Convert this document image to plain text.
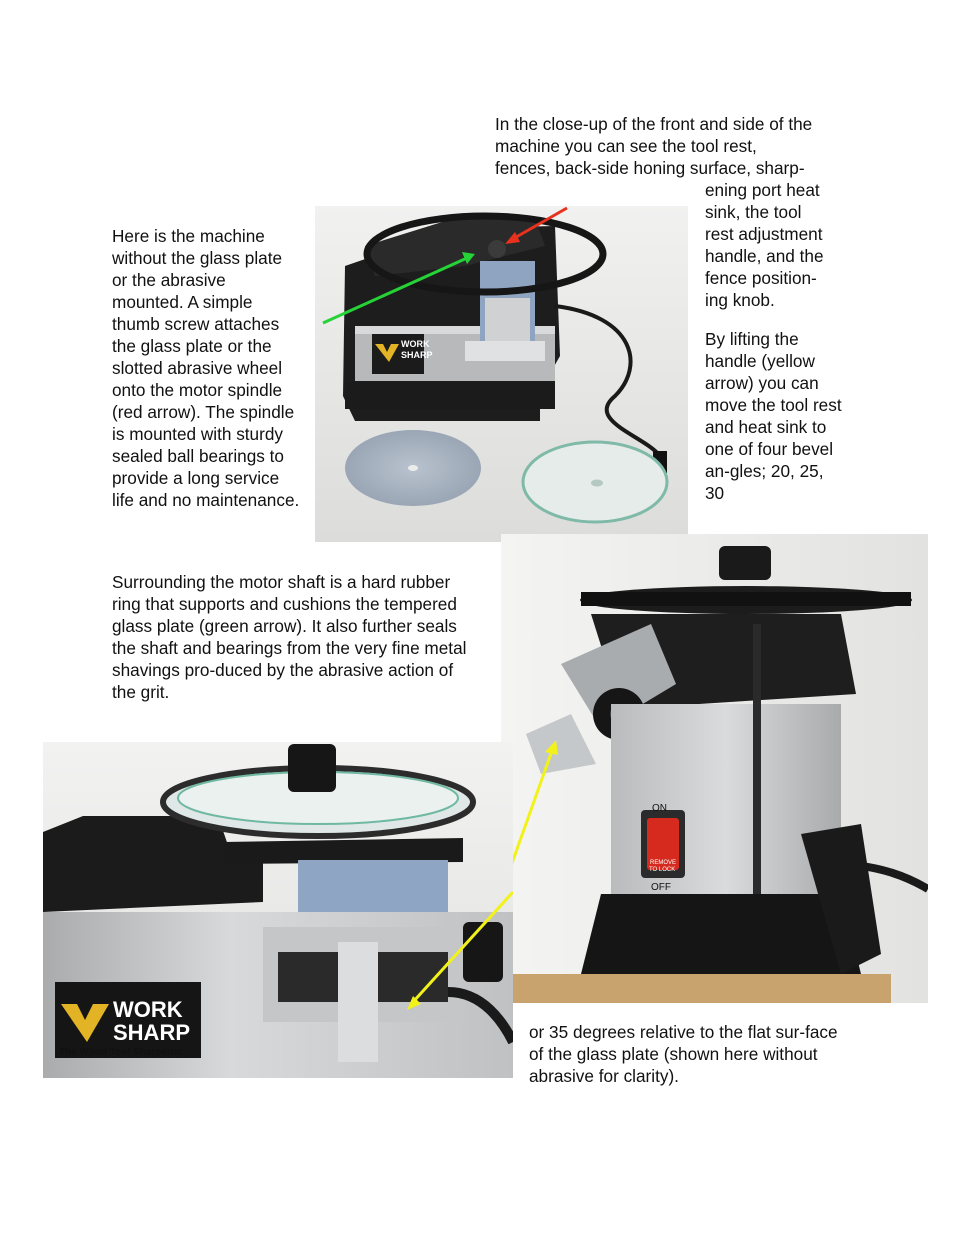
Here is the machine without the glass plate or the abrasive mounted. A simple thumb screw attaches the glass plate or the slotted abrasive wheel onto the motor spindle (red arrow). The spindle is mounted with sturdy sealed ball bearings to provide a long service life and no maintenance.

In the close-up of the front and side of the
machine you can see the tool rest,
fences, back-side honing surface, sharp-
ening port heat
sink, the tool
rest adjustment
handle, and the
fence position-
ing knob.

By lifting the handle (yellow arrow) you can move the tool rest and heat sink to one of four bevel an-gles; 20, 25, 30

Surrounding the motor shaft is a hard rubber ring that supports and cushions the tempered glass plate (green arrow). It also further seals the shaft and bearings from the very fine metal shavings pro-duced by the abrasive action of the grit.

or 35 degrees relative to the flat sur-face of the glass plate (shown here without abrasive for clarity).

WORK
SHARP
ON
OFF
REMOVE
TO LOCK
WORK
SHARP
The Wood Tool Sharpener
